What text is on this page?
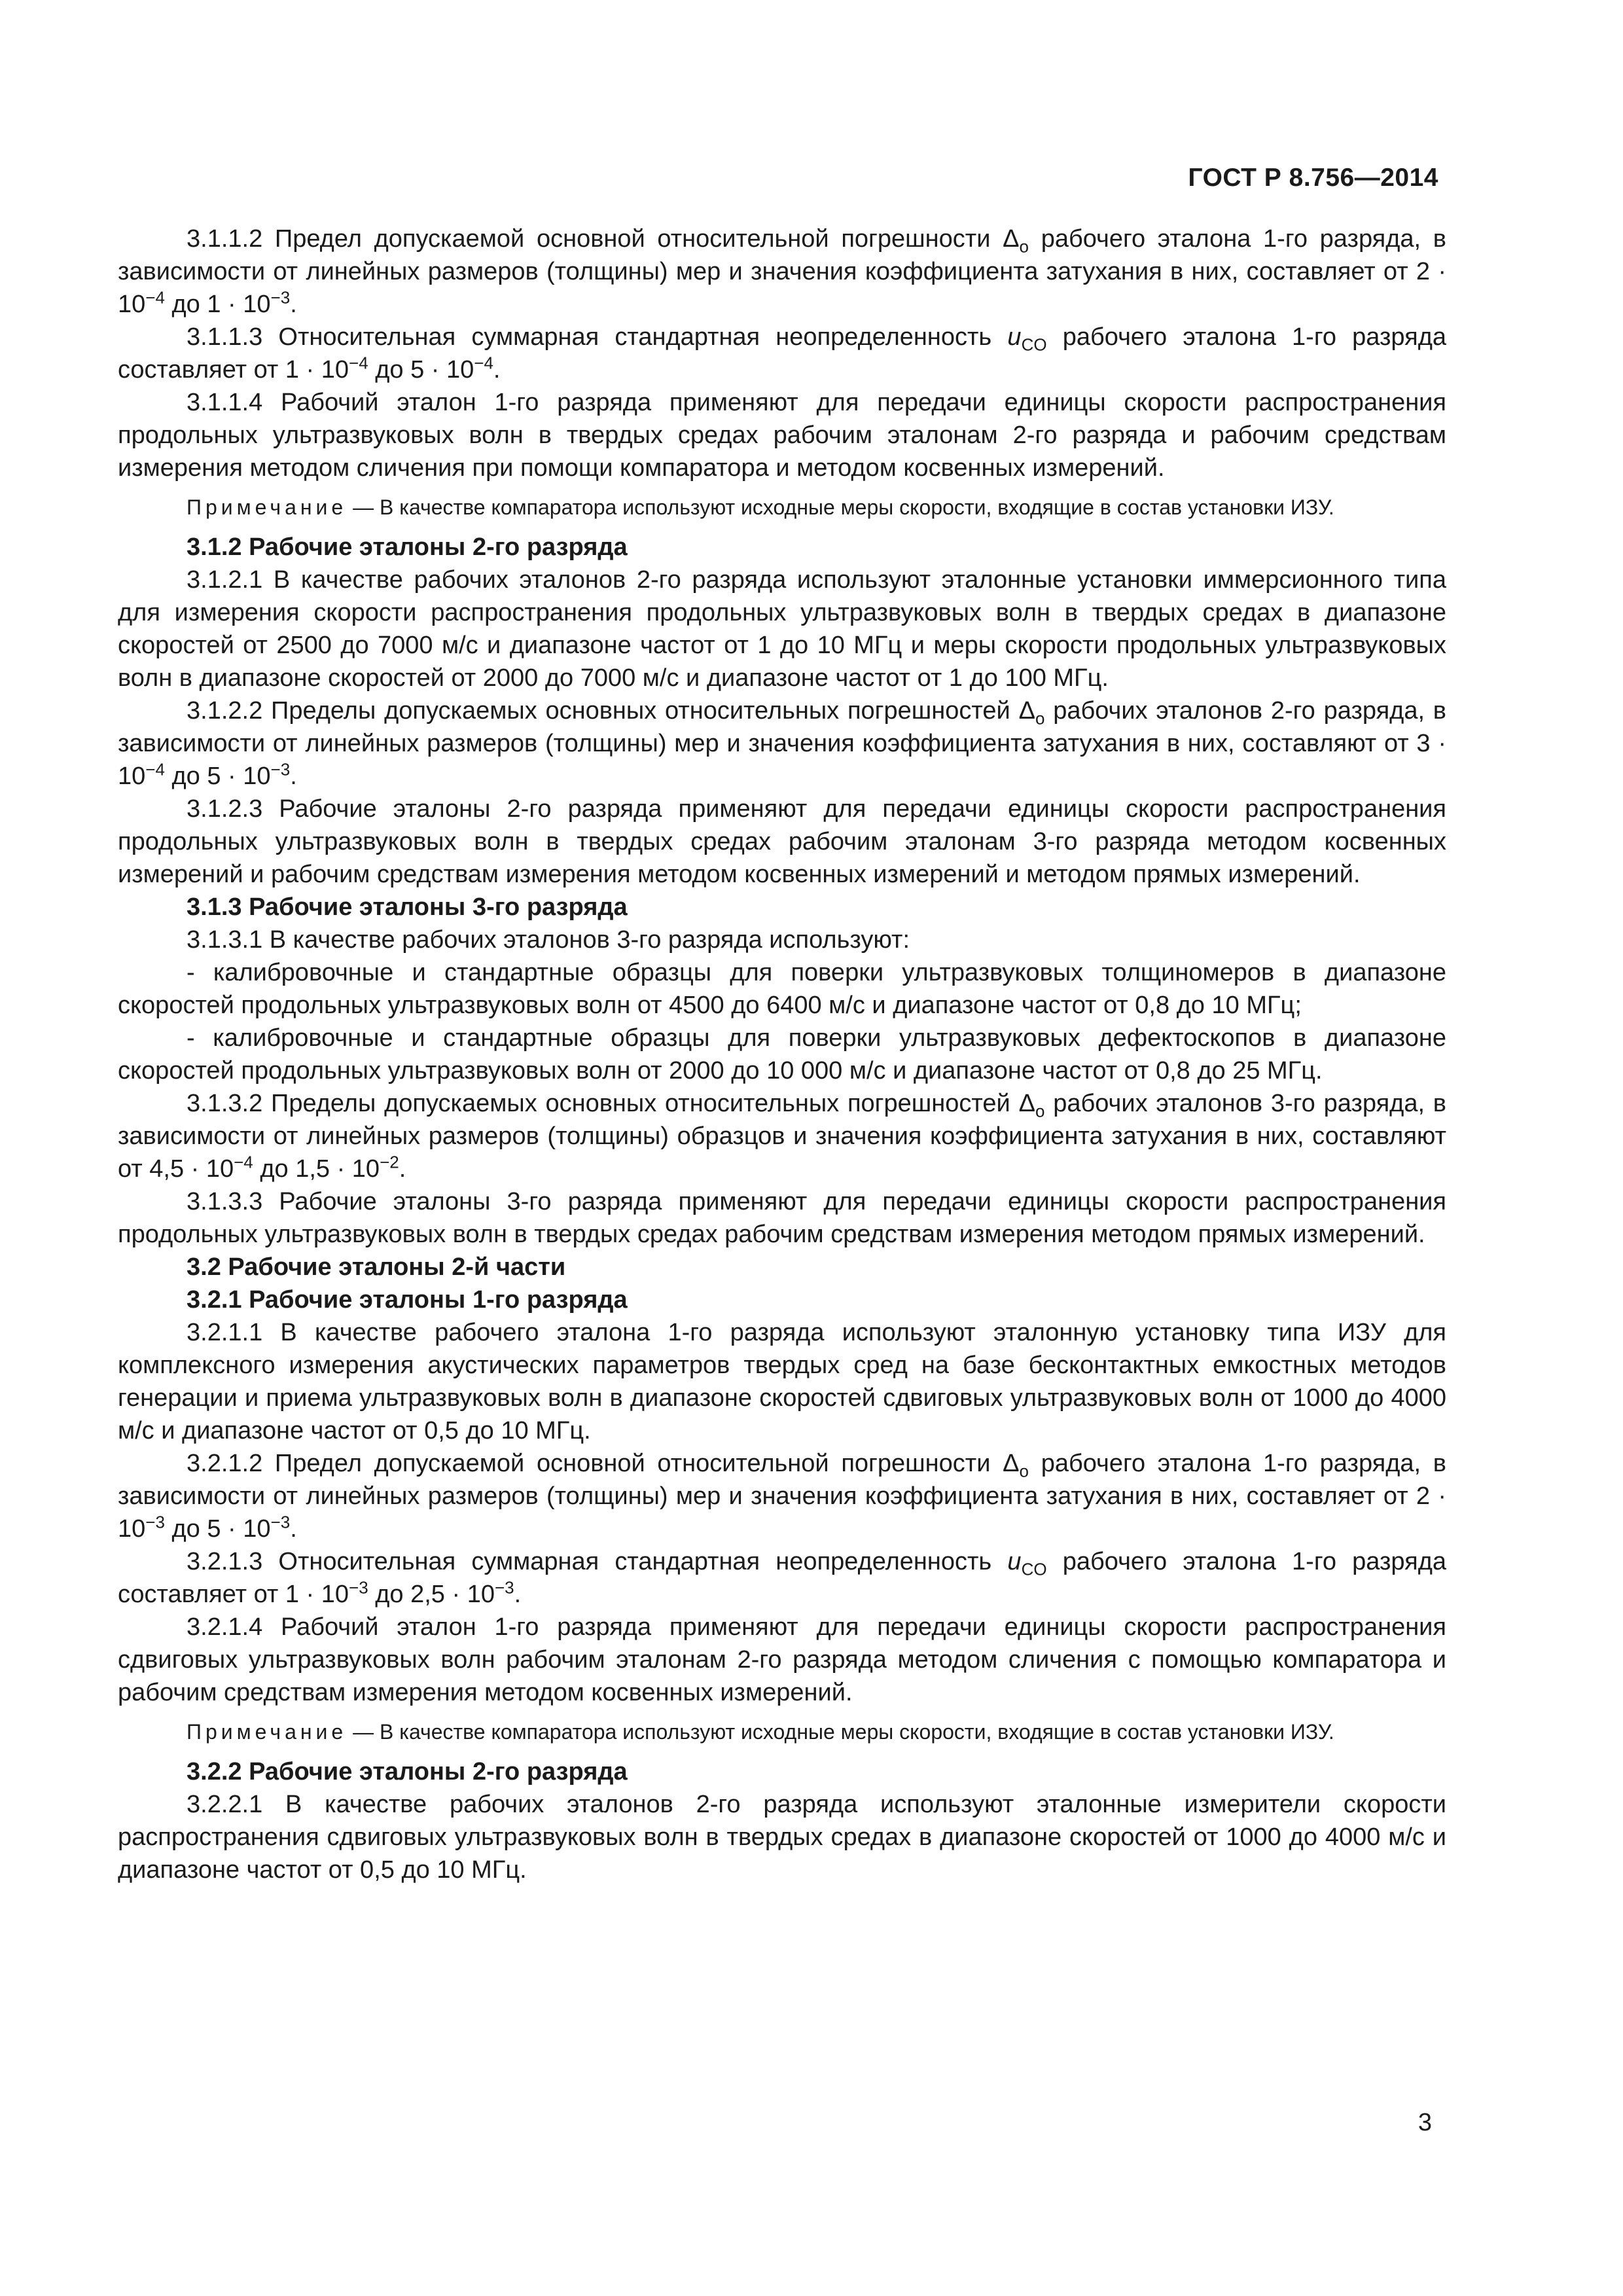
ГОСТ Р 8.756—2014

3.1.1.2 Предел допускаемой основной относительной погрешности $\Delta_o$ рабочего эталона 1-го разряда, в зависимости от линейных размеров (толщины) мер и значения коэффициента затухания в них, составляет от $2 \cdot 10^{-4}$ до $1 \cdot 10^{-3}$.

3.1.1.3 Относительная суммарная стандартная неопределенность $u_{CO}$ рабочего эталона 1-го разряда составляет от $1 \cdot 10^{-4}$ до $5 \cdot 10^{-4}$.

3.1.1.4 Рабочий эталон 1-го разряда применяют для передачи единицы скорости распространения продольных ультразвуковых волн в твердых средах рабочим эталонам 2-го разряда и рабочим средствам измерения методом сличения при помощи компаратора и методом косвенных измерений.

Примечание — В качестве компаратора используют исходные меры скорости, входящие в состав установки ИЗУ.

3.1.2 Рабочие эталоны 2-го разряда

3.1.2.1 В качестве рабочих эталонов 2-го разряда используют эталонные установки иммерсионного типа для измерения скорости распространения продольных ультразвуковых волн в твердых средах в диапазоне скоростей от 2500 до 7000 м/с и диапазоне частот от 1 до 10 МГц и меры скорости продольных ультразвуковых волн в диапазоне скоростей от 2000 до 7000 м/с и диапазоне частот от 1 до 100 МГц.

3.1.2.2 Пределы допускаемых основных относительных погрешностей $\Delta_o$ рабочих эталонов 2-го разряда, в зависимости от линейных размеров (толщины) мер и значения коэффициента затухания в них, составляют от $3 \cdot 10^{-4}$ до $5 \cdot 10^{-3}$.

3.1.2.3 Рабочие эталоны 2-го разряда применяют для передачи единицы скорости распространения продольных ультразвуковых волн в твердых средах рабочим эталонам 3-го разряда методом косвенных измерений и рабочим средствам измерения методом косвенных измерений и методом прямых измерений.

3.1.3 Рабочие эталоны 3-го разряда

3.1.3.1 В качестве рабочих эталонов 3-го разряда используют:

- калибровочные и стандартные образцы для поверки ультразвуковых толщиномеров в диапазоне скоростей продольных ультразвуковых волн от 4500 до 6400 м/с и диапазоне частот от 0,8 до 10 МГц;

- калибровочные и стандартные образцы для поверки ультразвуковых дефектоскопов в диапазоне скоростей продольных ультразвуковых волн от 2000 до 10 000 м/с и диапазоне частот от 0,8 до 25 МГц.

3.1.3.2 Пределы допускаемых основных относительных погрешностей $\Delta_o$ рабочих эталонов 3-го разряда, в зависимости от линейных размеров (толщины) образцов и значения коэффициента затухания в них, составляют от $4,5 \cdot 10^{-4}$ до $1,5 \cdot 10^{-2}$.

3.1.3.3 Рабочие эталоны 3-го разряда применяют для передачи единицы скорости распространения продольных ультразвуковых волн в твердых средах рабочим средствам измерения методом прямых измерений.

3.2 Рабочие эталоны 2-й части

3.2.1 Рабочие эталоны 1-го разряда

3.2.1.1 В качестве рабочего эталона 1-го разряда используют эталонную установку типа ИЗУ для комплексного измерения акустических параметров твердых сред на базе бесконтактных емкостных методов генерации и приема ультразвуковых волн в диапазоне скоростей сдвиговых ультразвуковых волн от 1000 до 4000 м/с и диапазоне частот от 0,5 до 10 МГц.

3.2.1.2 Предел допускаемой основной относительной погрешности $\Delta_o$ рабочего эталона 1-го разряда, в зависимости от линейных размеров (толщины) мер и значения коэффициента затухания в них, составляет от $2 \cdot 10^{-3}$ до $5 \cdot 10^{-3}$.

3.2.1.3 Относительная суммарная стандартная неопределенность $u_{CO}$ рабочего эталона 1-го разряда составляет от $1 \cdot 10^{-3}$ до $2,5 \cdot 10^{-3}$.

3.2.1.4 Рабочий эталон 1-го разряда применяют для передачи единицы скорости распространения сдвиговых ультразвуковых волн рабочим эталонам 2-го разряда методом сличения с помощью компаратора и рабочим средствам измерения методом косвенных измерений.

Примечание — В качестве компаратора используют исходные меры скорости, входящие в состав установки ИЗУ.

3.2.2 Рабочие эталоны 2-го разряда

3.2.2.1 В качестве рабочих эталонов 2-го разряда используют эталонные измерители скорости распространения сдвиговых ультразвуковых волн в твердых средах в диапазоне скоростей от 1000 до 4000 м/с и диапазоне частот от 0,5 до 10 МГц.

3
